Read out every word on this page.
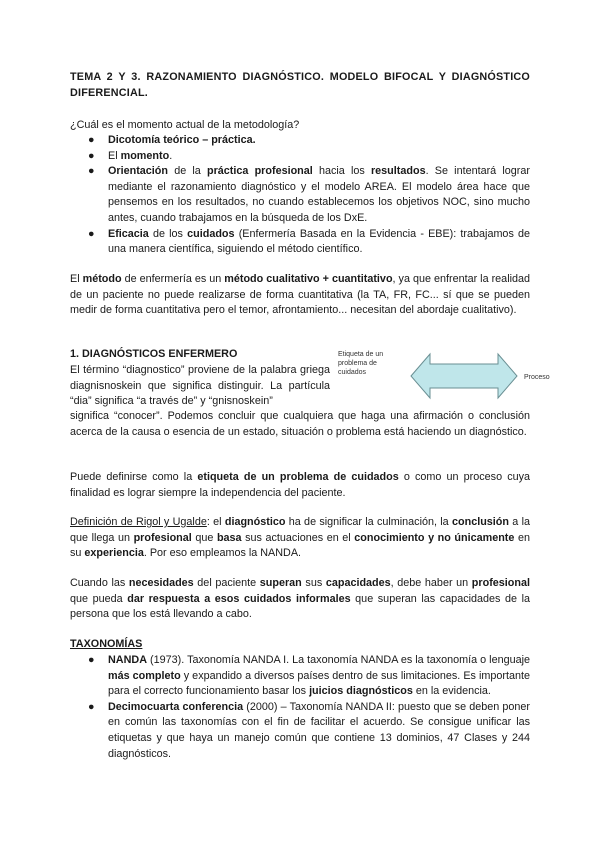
TEMA 2 Y 3. RAZONAMIENTO DIAGNÓSTICO. MODELO BIFOCAL Y DIAGNÓSTICO DIFERENCIAL.

¿Cuál es el momento actual de la metodología?

● Dicotomía teórico – práctica.
● El momento.
● Orientación de la práctica profesional hacia los resultados. Se intentará lograr mediante el razonamiento diagnóstico y el modelo AREA. El modelo área hace que pensemos en los resultados, no cuando establecemos los objetivos NOC, sino mucho antes, cuando trabajamos en la búsqueda de los DxE.
● Eficacia de los cuidados (Enfermería Basada en la Evidencia - EBE): trabajamos de una manera científica, siguiendo el método científico.

El método de enfermería es un método cualitativo + cuantitativo, ya que enfrentar la realidad de un paciente no puede realizarse de forma cuantitativa (la TA, FR, FC... sí que se pueden medir de forma cuantitativa pero el temor, afrontamiento... necesitan del abordaje cualitativo).

1. DIAGNÓSTICOS ENFERMERO

El término “diagnostico” proviene de la palabra griega diagnisnoskein que significa distinguir. La partícula “dia” significa “a través de” y “gnisnoskein”

Etiqueta de un problema de cuidados
Proceso

significa “conocer”. Podemos concluir que cualquiera que haga una afirmación o conclusión acerca de la causa o esencia de un estado, situación o problema está haciendo un diagnóstico.

Puede definirse como la etiqueta de un problema de cuidados o como un proceso cuya finalidad es lograr siempre la independencia del paciente.

Definición de Rigol y Ugalde: el diagnóstico ha de significar la culminación, la conclusión a la que llega un profesional que basa sus actuaciones en el conocimiento y no únicamente en su experiencia. Por eso empleamos la NANDA.

Cuando las necesidades del paciente superan sus capacidades, debe haber un profesional que pueda dar respuesta a esos cuidados informales que superan las capacidades de la persona que los está llevando a cabo.

TAXONOMÍAS

● NANDA (1973). Taxonomía NANDA I. La taxonomía NANDA es la taxonomía o lenguaje más completo y expandido a diversos países dentro de sus limitaciones. Es importante para el correcto funcionamiento basar los juicios diagnósticos en la evidencia.
● Decimocuarta conferencia (2000) – Taxonomía NANDA II: puesto que se deben poner en común las taxonomías con el fin de facilitar el acuerdo. Se consigue unificar las etiquetas y que haya un manejo común que contiene 13 dominios, 47 Clases y 244 diagnósticos.
